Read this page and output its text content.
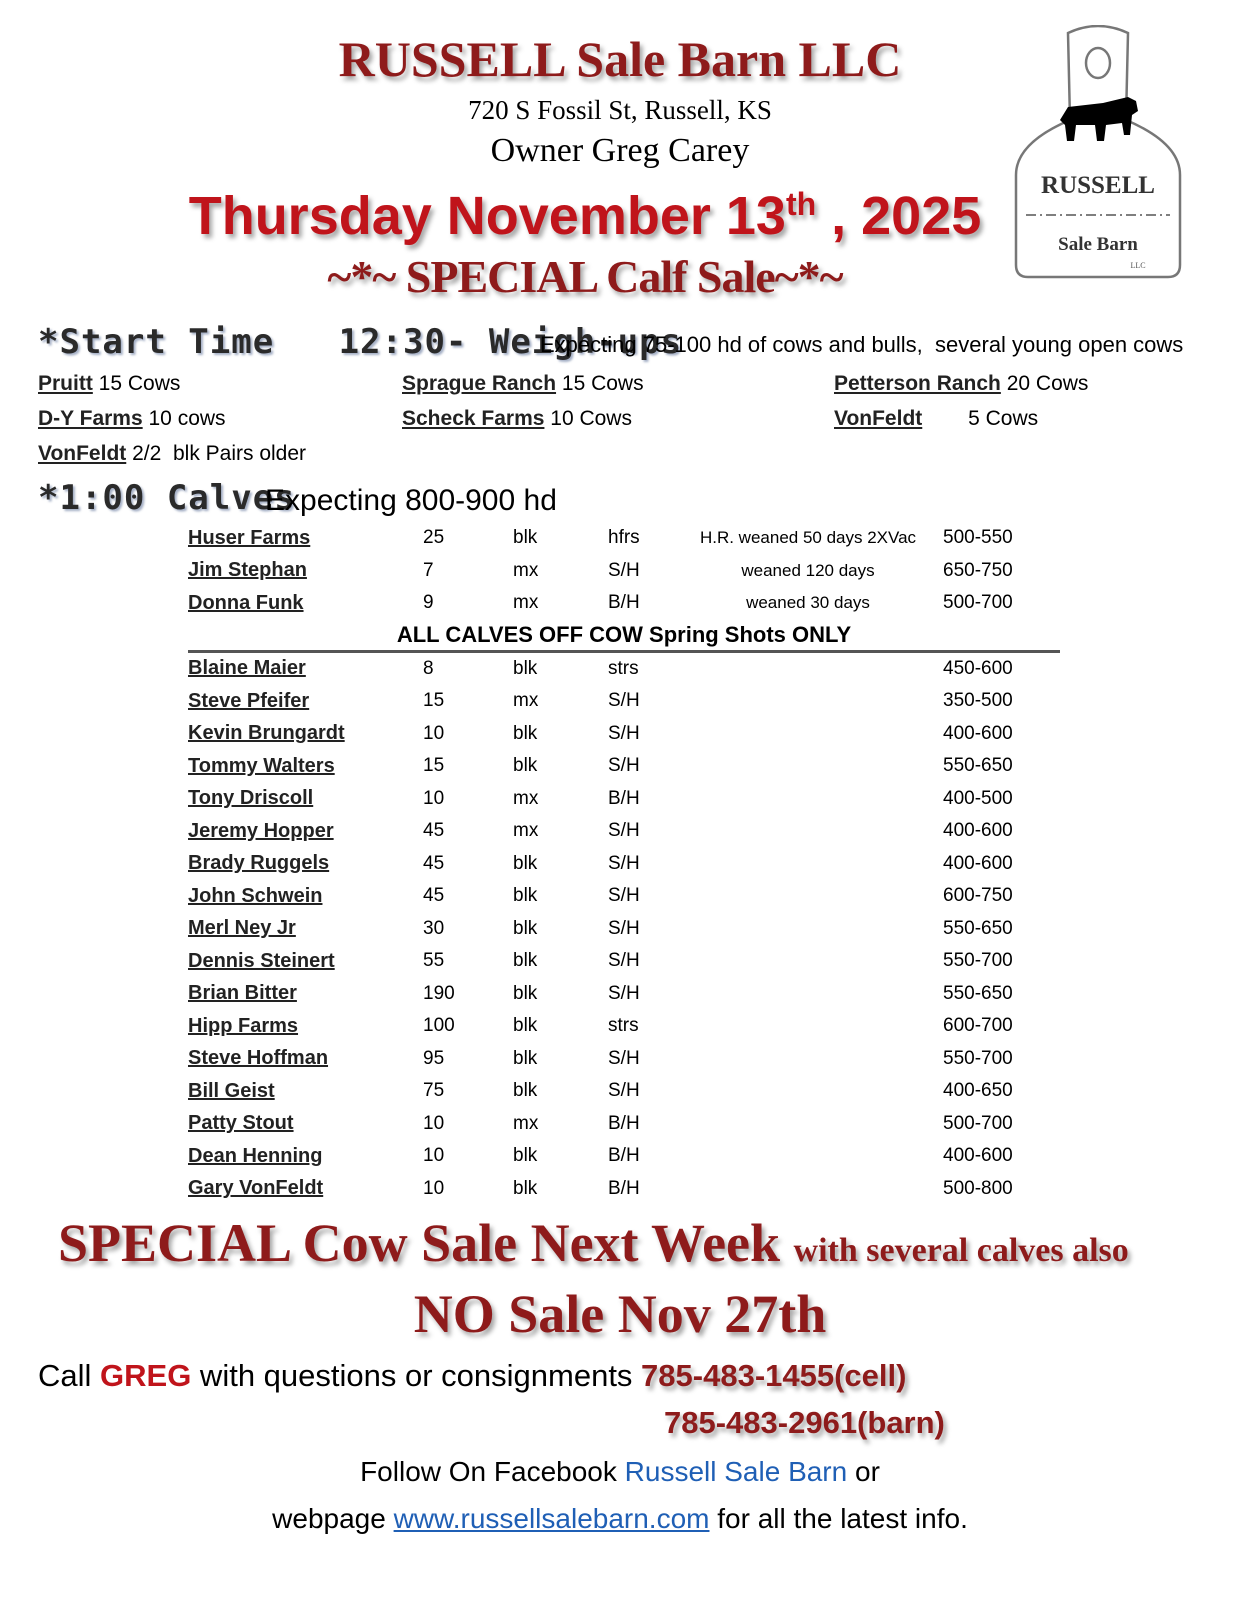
RUSSELL Sale Barn LLC
720 S Fossil St, Russell, KS
Owner Greg Carey
Thursday November 13th , 2025
~*~ SPECIAL Calf Sale~*~
RUSSELL
Sale Barn
LLC
*Start Time   12:30- Weigh-ups
Expecting 75-100 hd of cows and bulls,  several young open cows
Pruitt 15 Cows	Sprague Ranch 15 Cows	Petterson Ranch 20 Cows
D-Y Farms 10 cows	Scheck Farms 10 Cows	VonFeldt 5 Cows
VonFeldt 2/2  blk Pairs older
*1:00 Calves
Expecting 800-900 hd
Huser Farms	25	blk	hfrs	H.R. weaned 50 days 2XVac	500-550
Jim Stephan	7	mx	S/H	weaned 120 days	650-750
Donna Funk	9	mx	B/H	weaned 30 days	500-700
ALL CALVES OFF COW Spring Shots ONLY					
Blaine Maier	8	blk	strs		450-600
Steve Pfeifer	15	mx	S/H		350-500
Kevin Brungardt	10	blk	S/H		400-600
Tommy Walters	15	blk	S/H		550-650
Tony Driscoll	10	mx	B/H		400-500
Jeremy Hopper	45	mx	S/H		400-600
Brady Ruggels	45	blk	S/H		400-600
John Schwein	45	blk	S/H		600-750
Merl Ney Jr	30	blk	S/H		550-650
Dennis Steinert	55	blk	S/H		550-700
Brian Bitter	190	blk	S/H		550-650
Hipp Farms	100	blk	strs		600-700
Steve Hoffman	95	blk	S/H		550-700
Bill Geist	75	blk	S/H		400-650
Patty Stout	10	mx	B/H		500-700
Dean Henning	10	blk	B/H		400-600
Gary VonFeldt	10	blk	B/H		500-800
SPECIAL Cow Sale Next Week with several calves also
NO Sale Nov 27th
Call GREG with questions or consignments 785-483-1455(cell)
785-483-2961(barn)
Follow On Facebook Russell Sale Barn or
webpage www.russellsalebarn.com for all the latest info.
